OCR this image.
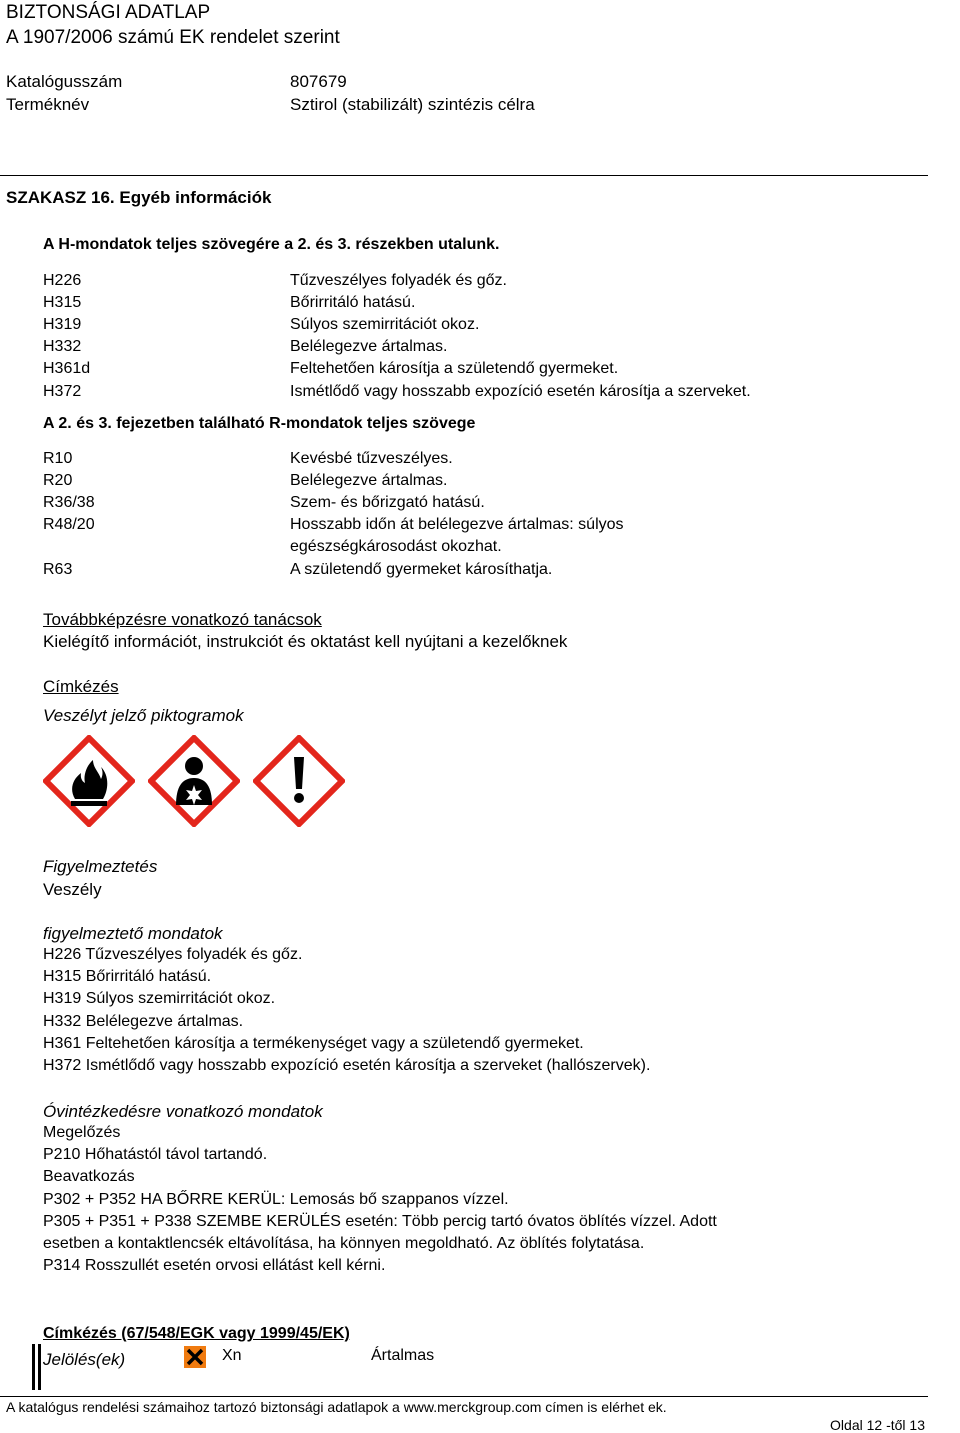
BIZTONSÁGI ADATLAP
A 1907/2006 számú EK rendelet szerint
Katalógusszám	807679
Terméknév	Sztirol (stabilizált) szintézis célra
SZAKASZ 16. Egyéb információk
A H-mondatok teljes szövegére a 2. és 3. részekben utalunk.
H226	Tűzveszélyes folyadék és gőz.
H315	Bőrirritáló hatású.
H319	Súlyos szemirritációt okoz.
H332	Belélegezve ártalmas.
H361d	Feltehetően károsítja a születendő gyermeket.
H372	Ismétlődő vagy hosszabb expozíció esetén károsítja a szerveket.
A 2. és 3. fejezetben található R-mondatok teljes szövege
R10	Kevésbé tűzveszélyes.
R20	Belélegezve ártalmas.
R36/38	Szem- és bőrizgató hatású.
R48/20	Hosszabb időn át belélegezve ártalmas: súlyos
egészségkárosodást okozhat.
R63	A születendő gyermeket károsíthatja.
Továbbképzésre vonatkozó tanácsok
Kielégítő információt, instrukciót és oktatást kell nyújtani a kezelőknek
Címkézés
Veszélyt jelző piktogramok
Figyelmeztetés
Veszély
figyelmeztető mondatok
H226 Tűzveszélyes folyadék és gőz.
H315 Bőrirritáló hatású.
H319 Súlyos szemirritációt okoz.
H332 Belélegezve ártalmas.
H361 Feltehetően károsítja a termékenységet vagy a születendő gyermeket.
H372 Ismétlődő vagy hosszabb expozíció esetén károsítja a szerveket (hallószervek).
Óvintézkedésre vonatkozó mondatok
Megelőzés
P210 Hőhatástól távol tartandó.
Beavatkozás
P302 + P352 HA BŐRRE KERÜL: Lemosás bő szappanos vízzel.
P305 + P351 + P338 SZEMBE KERÜLÉS esetén: Több percig tartó óvatos öblítés vízzel. Adott
esetben a kontaktlencsék eltávolítása, ha könnyen megoldható. Az öblítés folytatása.
P314 Rosszullét esetén orvosi ellátást kell kérni.
Címkézés (67/548/EGK vagy 1999/45/EK)
Jelölés(ek)	Xn	Ártalmas
A katalógus rendelési számaihoz tartozó biztonsági adatlapok a www.merckgroup.com címen is elérhet ek.
Oldal 12 -től 13
